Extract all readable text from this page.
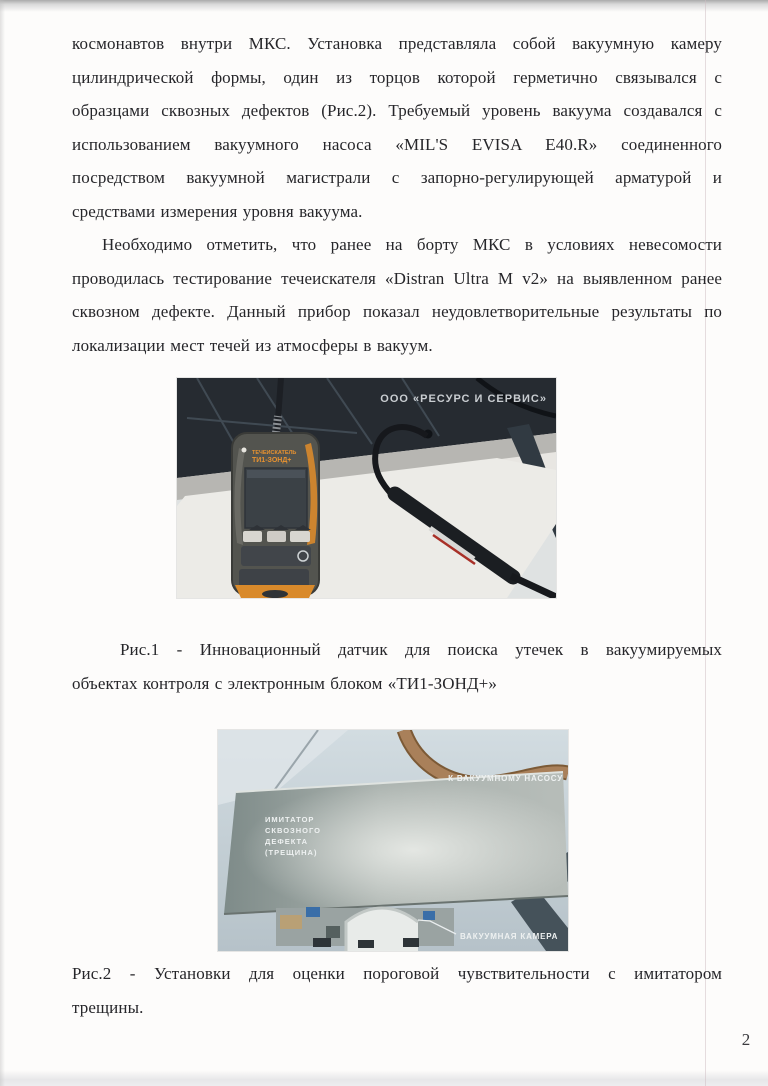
космонавтов внутри МКС. Установка представляла собой вакуумную камеру
цилиндрической формы, один из торцов которой герметично связывался с
образцами сквозных дефектов (Рис.2). Требуемый уровень вакуума создавался с
использованием вакуумного насоса «MIL'S EVISA E40.R» соединенного
посредством вакуумной магистрали с запорно-регулирующей арматурой и
средствами измерения уровня вакуума.
Необходимо отметить, что ранее на борту МКС в условиях невесомости
проводилась тестирование течеискателя «Distran Ultra M v2» на выявленном ранее
сквозном дефекте. Данный прибор показал неудовлетворительные результаты по
локализации мест течей из атмосферы в вакуум.
ООО «РЕСУРС И СЕРВИС»
ТЕЧЕИСКАТЕЛЬ
ТИ1-ЗОНД+
Рис.1 - Инновационный датчик для поиска утечек в вакуумируемых
объектах контроля с электронным блоком «ТИ1-ЗОНД+»
К ВАКУУМНОМУ НАСОСУ
ИМИТАТОР
СКВОЗНОГО
ДЕФЕКТА
(ТРЕЩИНА)
ВАКУУМНАЯ КАМЕРА
Рис.2 - Установки для оценки пороговой чувствительности с имитатором
трещины.
2
